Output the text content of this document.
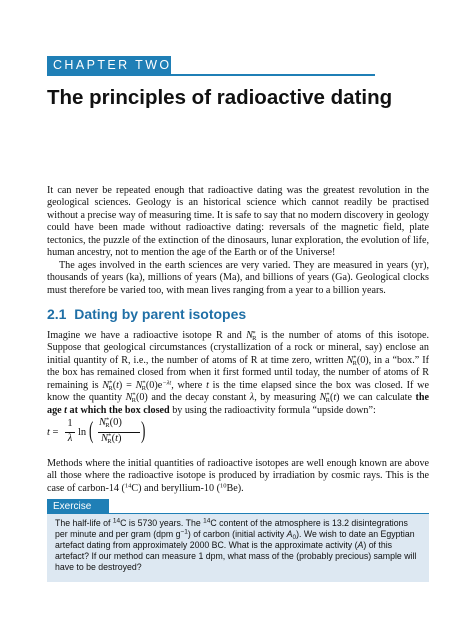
CHAPTER TWO
The principles of radioactive dating

It can never be repeated enough that radioactive dating was the greatest revolution in the geological sciences. Geology is an historical science which cannot readily be practised without a precise way of measuring time. It is safe to say that no modern discovery in geology could have been made without radioactive dating: reversals of the magnetic field, plate tectonics, the puzzle of the extinction of the dinosaurs, lunar exploration, the evolution of life, human ancestry, not to mention the age of the Earth or of the Universe!

The ages involved in the earth sciences are very varied. They are measured in years (yr), thousands of years (ka), millions of years (Ma), and billions of years (Ga). Geological clocks must therefore be varied too, with mean lives ranging from a year to a billion years.

2.1 Dating by parent isotopes

Imagine we have a radioactive isotope R and $N^*_R$ is the number of atoms of this isotope. Suppose that geological circumstances (crystallization of a rock or mineral, say) enclose an initial quantity of R, i.e., the number of atoms of R at time zero, written $N^*_R(0)$, in a “box.” If the box has remained closed from when it first formed until today, the number of atoms of R remaining is $N^*_R(t) = N^*_R(0)e^{-\lambda t}$, where t is the time elapsed since the box was closed. If we know the quantity $N^*_R(0)$ and the decay constant λ, by measuring $N^*_R(t)$ we can calculate the age t at which the box closed by using the radioactivity formula “upside down”:

t =
1
λ
ln ( $N^*_R(0)$
$N^*_R(t)$ )

Methods where the initial quantities of radioactive isotopes are well enough known are above all those where the radioactive isotope is produced by irradiation by cosmic rays. This is the case of carbon-14 ($^{14}$C) and beryllium-10 ($^{10}$Be).

Exercise

The half-life of $^{14}$C is 5730 years. The $^{14}$C content of the atmosphere is 13.2 disintegrations per minute and per gram (dpm $g^{-1}$) of carbon (initial activity $A_0$). We wish to date an Egyptian artefact dating from approximately 2000 BC. What is the approximate activity (A) of this artefact? If our method can measure 1 dpm, what mass of the (probably precious) sample will have to be destroyed?
